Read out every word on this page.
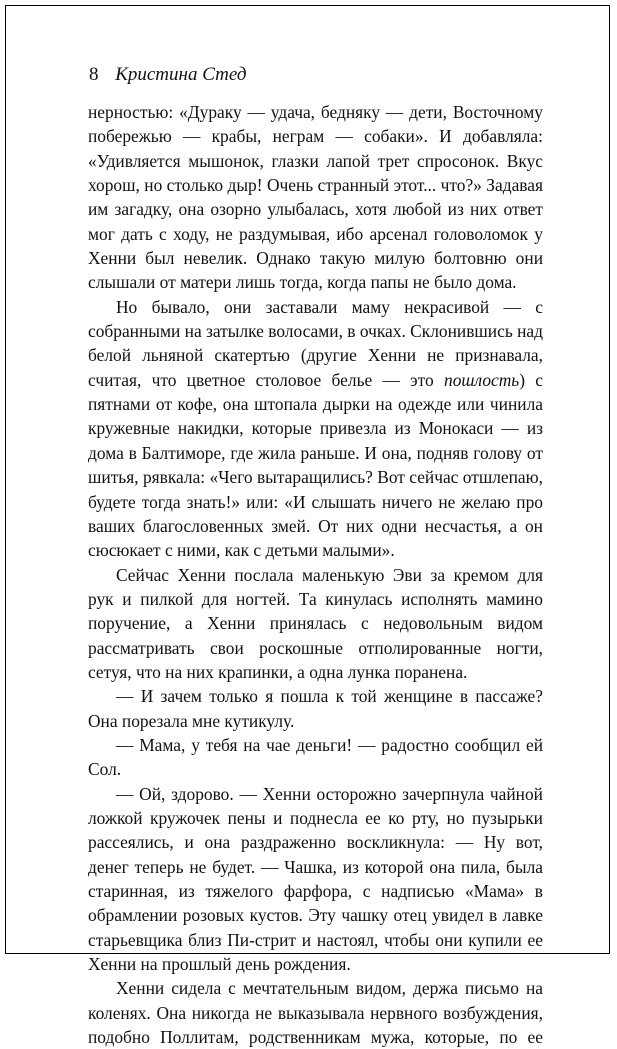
8 Кристина Стед

нерностью: «Дураку — удача, бедняку — дети, Восточному побережью — крабы, неграм — собаки». И добавляла: «Удивляется мышонок, глазки лапой трет спросонок. Вкус хорош, но столько дыр! Очень странный этот... что?» Задавая им загадку, она озорно улыбалась, хотя любой из них ответ мог дать с ходу, не раздумывая, ибо арсенал головоломок у Хенни был невелик. Однако такую милую болтовню они слышали от матери лишь тогда, когда папы не было дома.

Но бывало, они заставали маму некрасивой — с собранными на затылке волосами, в очках. Склонившись над белой льняной скатертью (другие Хенни не признавала, считая, что цветное столовое белье — это пошлость) с пятнами от кофе, она штопала дырки на одежде или чинила кружевные накидки, которые привезла из Монокаси — из дома в Балтиморе, где жила раньше. И она, подняв голову от шитья, рявкала: «Чего вытаращились? Вот сейчас отшлепаю, будете тогда знать!» или: «И слышать ничего не желаю про ваших благословенных змей. От них одни несчастья, а он сюсюкает с ними, как с детьми малыми».

Сейчас Хенни послала маленькую Эви за кремом для рук и пилкой для ногтей. Та кинулась исполнять мамино поручение, а Хенни принялась с недовольным видом рассматривать свои роскошные отполированные ногти, сетуя, что на них крапинки, а одна лунка поранена.

— И зачем только я пошла к той женщине в пассаже? Она порезала мне кутикулу.

— Мама, у тебя на чае деньги! — радостно сообщил ей Сол.

— Ой, здорово. — Хенни осторожно зачерпнула чайной ложкой кружочек пены и поднесла ее ко рту, но пузырьки рассеялись, и она раздраженно воскликнула: — Ну вот, денег теперь не будет. — Чашка, из которой она пила, была старинная, из тяжелого фарфора, с надписью «Мама» в обрамлении розовых кустов. Эту чашку отец увидел в лавке старьевщика близ Пи-стрит и настоял, чтобы они купили ее Хенни на прошлый день рождения.

Хенни сидела с мечтательным видом, держа письмо на коленях. Она никогда не выказывала нервного возбуждения, подобно Поллитам, родственникам мужа, которые, по ее
